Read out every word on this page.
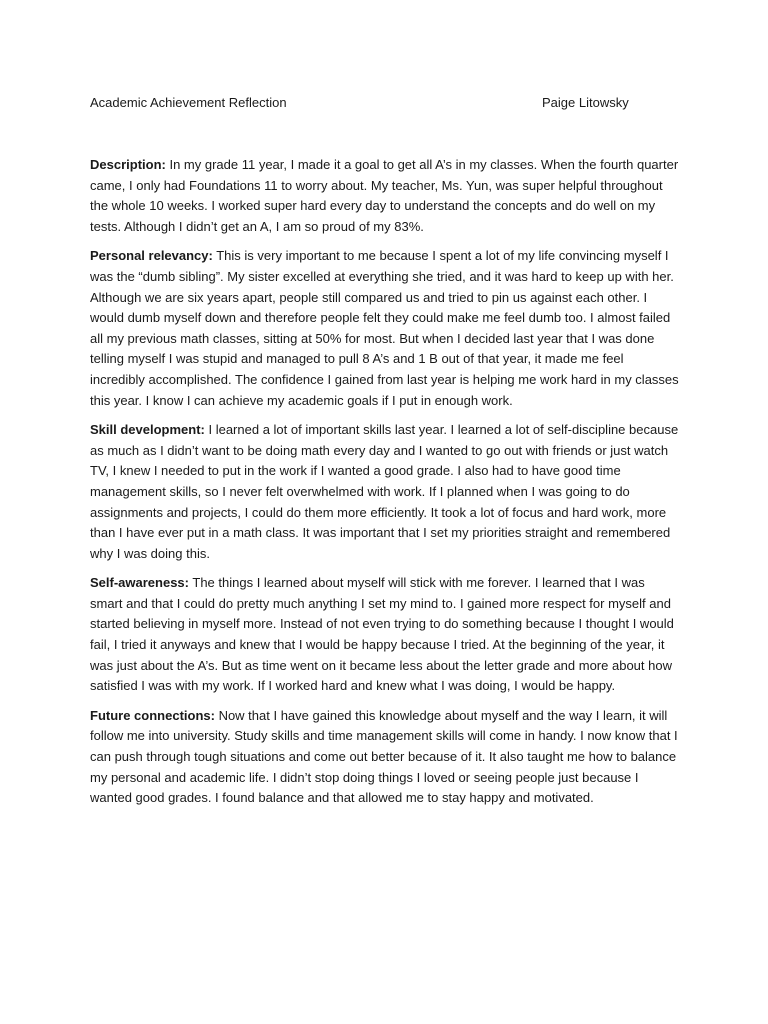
Academic Achievement Reflection	Paige Litowsky

Description: In my grade 11 year, I made it a goal to get all A’s in my classes. When the fourth quarter came, I only had Foundations 11 to worry about. My teacher, Ms. Yun, was super helpful throughout the whole 10 weeks. I worked super hard every day to understand the concepts and do well on my tests. Although I didn’t get an A, I am so proud of my 83%.

Personal relevancy: This is very important to me because I spent a lot of my life convincing myself I was the “dumb sibling”. My sister excelled at everything she tried, and it was hard to keep up with her. Although we are six years apart, people still compared us and tried to pin us against each other. I would dumb myself down and therefore people felt they could make me feel dumb too. I almost failed all my previous math classes, sitting at 50% for most. But when I decided last year that I was done telling myself I was stupid and managed to pull 8 A’s and 1 B out of that year, it made me feel incredibly accomplished. The confidence I gained from last year is helping me work hard in my classes this year. I know I can achieve my academic goals if I put in enough work.

Skill development: I learned a lot of important skills last year. I learned a lot of self-discipline because as much as I didn’t want to be doing math every day and I wanted to go out with friends or just watch TV, I knew I needed to put in the work if I wanted a good grade. I also had to have good time management skills, so I never felt overwhelmed with work. If I planned when I was going to do assignments and projects, I could do them more efficiently. It took a lot of focus and hard work, more than I have ever put in a math class. It was important that I set my priorities straight and remembered why I was doing this.

Self-awareness: The things I learned about myself will stick with me forever. I learned that I was smart and that I could do pretty much anything I set my mind to. I gained more respect for myself and started believing in myself more. Instead of not even trying to do something because I thought I would fail, I tried it anyways and knew that I would be happy because I tried. At the beginning of the year, it was just about the A’s. But as time went on it became less about the letter grade and more about how satisfied I was with my work. If I worked hard and knew what I was doing, I would be happy.

Future connections: Now that I have gained this knowledge about myself and the way I learn, it will follow me into university. Study skills and time management skills will come in handy. I now know that I can push through tough situations and come out better because of it. It also taught me how to balance my personal and academic life. I didn’t stop doing things I loved or seeing people just because I wanted good grades. I found balance and that allowed me to stay happy and motivated.
